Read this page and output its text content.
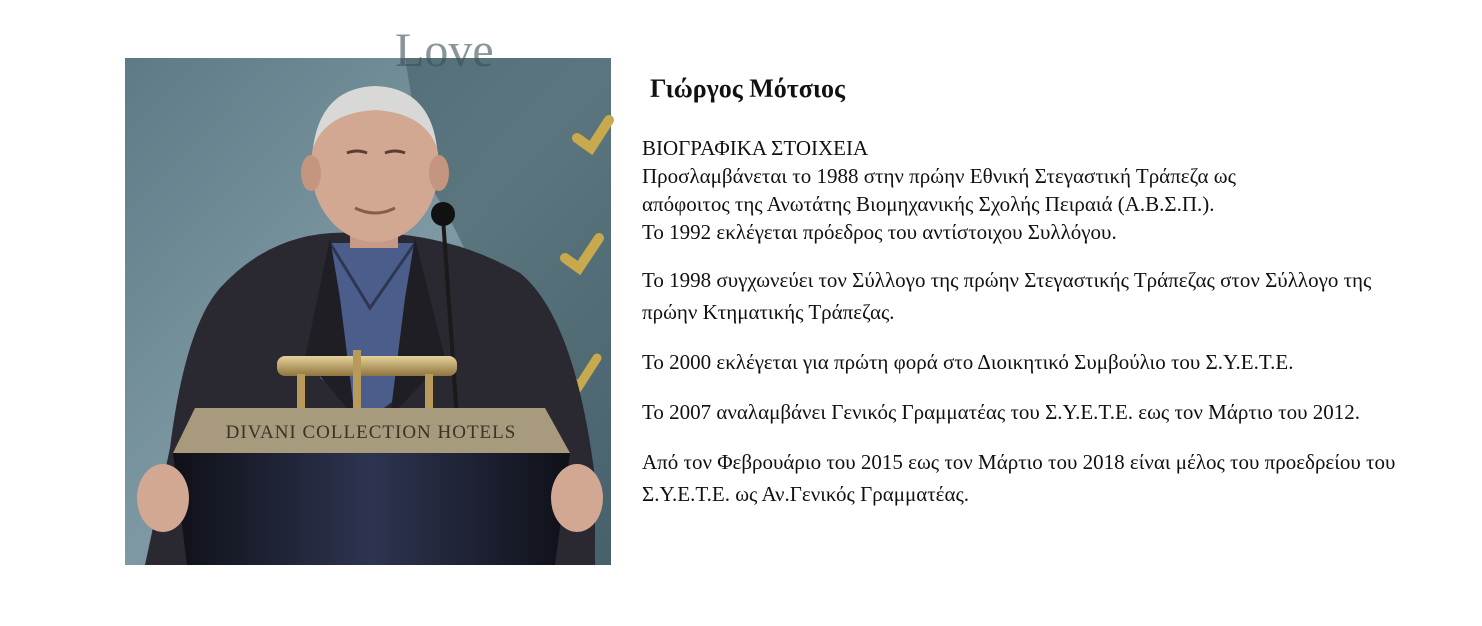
Love
DIVANI COLLECTION HOTELS
Γιώργος Μότσιος
ΒΙΟΓΡΑΦΙΚΑ ΣΤΟΙΧΕΙΑ
Προσλαμβάνεται το 1988 στην πρώην Εθνική Στεγαστική Τράπεζα ως
απόφοιτος της Ανωτάτης Βιομηχανικής Σχολής Πειραιά (Α.Β.Σ.Π.).
Το 1992 εκλέγεται πρόεδρος του αντίστοιχου Συλλόγου.
Το 1998 συγχωνεύει τον Σύλλογο της πρώην Στεγαστικής Τράπεζας στον Σύλλογο της πρώην Κτηματικής Τράπεζας.
Το 2000 εκλέγεται για πρώτη φορά στο Διοικητικό Συμβούλιο του Σ.Υ.Ε.Τ.Ε.
Το 2007 αναλαμβάνει Γενικός Γραμματέας του Σ.Υ.Ε.Τ.Ε. εως τον Μάρτιο του 2012.
Από τον Φεβρουάριο του 2015 εως τον Μάρτιο του 2018 είναι μέλος του προεδρείου του Σ.Υ.Ε.Τ.Ε. ως Αν.Γενικός Γραμματέας.
